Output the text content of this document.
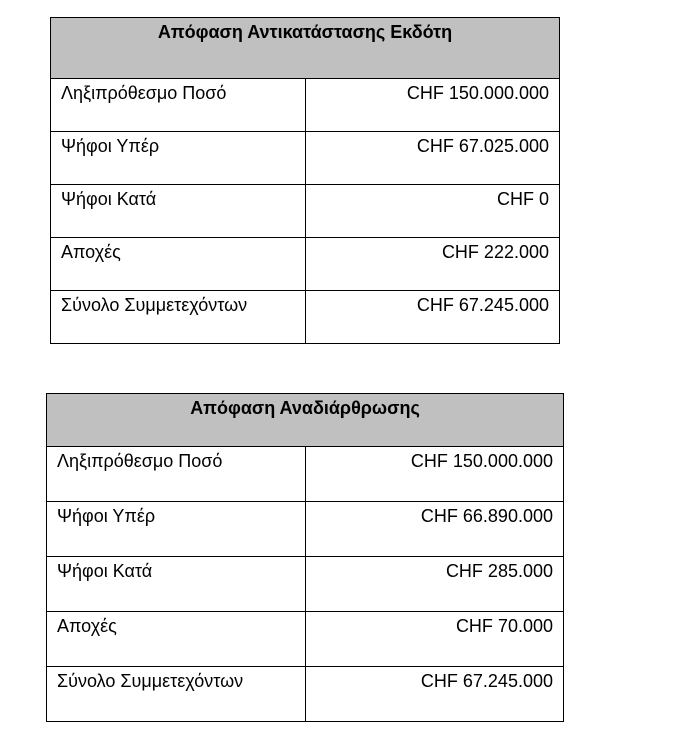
Απόφαση Αντικατάστασης Εκδότη	
Ληξιπρόθεσμο Ποσό	CHF 150.000.000
Ψήφοι Υπέρ	CHF 67.025.000
Ψήφοι Κατά	CHF 0
Αποχές	CHF 222.000
Σύνολο Συμμετεχόντων	CHF 67.245.000
Απόφαση Αναδιάρθρωσης	
Ληξιπρόθεσμο Ποσό	CHF 150.000.000
Ψήφοι Υπέρ	CHF 66.890.000
Ψήφοι Κατά	CHF 285.000
Αποχές	CHF 70.000
Σύνολο Συμμετεχόντων	CHF 67.245.000
